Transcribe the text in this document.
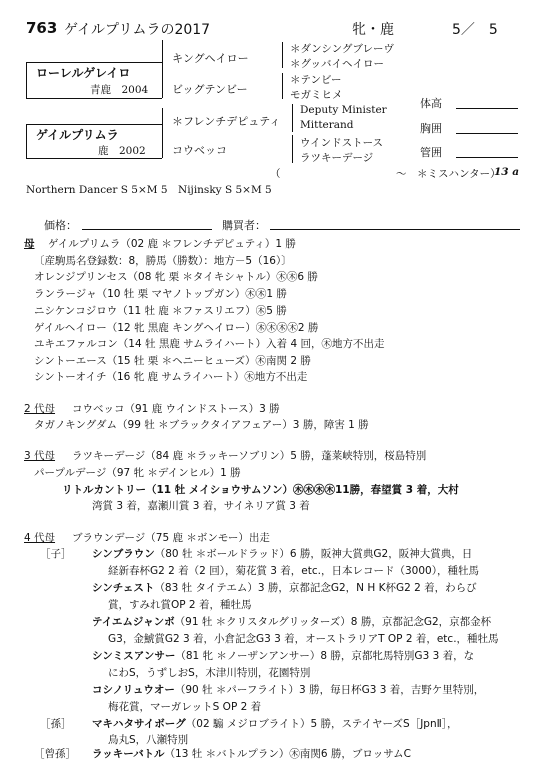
763 ゲイルプリムラの2017	牝 ・鹿	5／　5
ローレルゲレイロ
青鹿　2004
キングヘイロー
ビッグテンビー
＊ダンシングブレーヴ
＊グッバイヘイロー
＊テンビー
モガミヒメ
ゲイルプリムラ
鹿　2002
＊フレンチデピュティ
コウベッコ
Deputy Minister
Mitterand
ウインドストース
ラツキーデージ
（　　　　　　　　　　　～　＊ミスハンター）
13 a
体高
胸囲
管囲
Northern Dancer S 5×M 5　Nijinsky S 5×M 5
価格：	購買者：
母 ゲイルプリムラ（02 鹿 ＊フレンチデピュティ）1 勝
〔産駒馬名登録数：8，勝馬（勝数）：地方－5（16）〕
オレンジプリンセス（08 牝 栗 ＊タイキシャトル）㊍㊍6 勝
ランラージャ（10 牡 栗 マヤノトップガン）㊍㊍1 勝
ニシケンコジロウ（11 牡 鹿 ＊ファスリエフ）㊍5 勝
ゲイルヘイロー（12 牝 黒鹿 キングヘイロー）㊍㊍㊍㊍2 勝
ユキエファルコン（14 牡 黒鹿 サムライハート）入着 4 回，㊍地方不出走
シントーエース（15 牡 栗 ＊ヘニーヒューズ）㊍南関 2 勝
シントーオイチ（16 牝 鹿 サムライハート）㊍地方不出走
2 代母 コウベッコ（91 鹿 ウインドストース）3 勝
タガノキングダム（99 牡 ＊ブラックタイアフェアー）3 勝，障害 1 勝
3 代母 ラツキーデージ（84 鹿 ＊ラッキーソブリン）5 勝，蓬莱峡特別，桜島特別
パープルデージ（97 牝 ＊デインヒル）1 勝
リトルカントリー（11 牡 メイショウサムソン）㊍㊍㊍㊍11勝，春望賞 3 着，大村
湾賞 3 着，嘉瀬川賞 3 着，サイネリア賞 3 着
4 代母 ブラウンデージ（75 鹿 ＊ボンモー）出走
［子］ シンブラウン（80 牡 ＊ボールドラッド）6 勝，阪神大賞典G2，阪神大賞典，日
経新春杯G2 2 着（2 回），菊花賞 3 着，etc.，日本レコード（3000），種牡馬
シンチェスト（83 牡 タイテエム）3 勝，京都記念G2，N H K杯G2 2 着，わらび
賞，すみれ賞OP 2 着，種牡馬
テイエムジャンボ（91 牡 ＊クリスタルグリッターズ）8 勝，京都記念G2，京都金杯
G3，金鯱賞G2 3 着，小倉記念G3 3 着，オーストラリアT OP 2 着，etc.，種牡馬
シンミスアンサー（81 牝 ＊ノーザンアンサー）8 勝，京都牝馬特別G3 3 着，な
にわS，うずしおS，木津川特別，花園特別
コシノリュウオー（90 牡 ＊パーフライト）3 勝，毎日杯G3 3 着，吉野ケ里特別，
梅花賞，マーガレットS OP 2 着
［孫］ マキハタサイボーグ（02 騸 メジロブライト）5 勝，ステイヤーズS［JpnⅡ］，
鳥丸S，八瀬特別
［曾孫］ ラッキーバトル（13 牡 ＊バトルプラン）㊍南関6 勝，ブロッサムC
